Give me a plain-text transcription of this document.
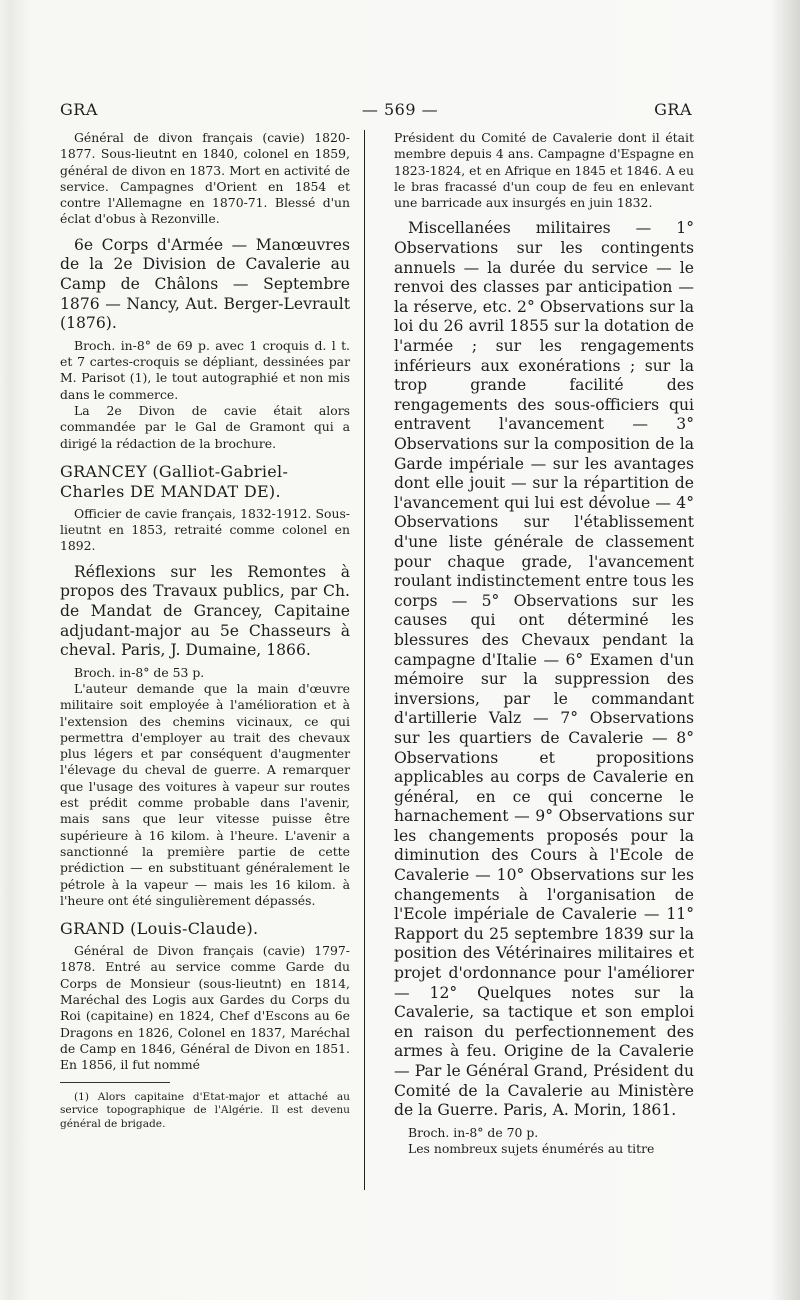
GRA	— 569 —	GRA

Général de divon français (cavie) 1820-1877. Sous-lieutnt en 1840, colonel en 1859, général de divon en 1873. Mort en activité de service. Campagnes d'Orient en 1854 et contre l'Allemagne en 1870-71. Blessé d'un éclat d'obus à Rezonville.

6e Corps d'Armée — Manœuvres de la 2e Division de Cavalerie au Camp de Châlons — Septembre 1876 — Nancy, Aut. Berger-Levrault (1876).

Broch. in-8° de 69 p. avec 1 croquis d. l t. et 7 cartes-croquis se dépliant, dessinées par M. Parisot (1), le tout autographié et non mis dans le commerce.

La 2e Divon de cavie était alors commandée par le Gal de Gramont qui a dirigé la rédaction de la brochure.

GRANCEY (Galliot-Gabriel-Charles DE MANDAT DE).

Officier de cavie français, 1832-1912. Sous-lieutnt en 1853, retraité comme colonel en 1892.

Réflexions sur les Remontes à propos des Travaux publics, par Ch. de Mandat de Grancey, Capitaine adjudant-major au 5e Chasseurs à cheval. Paris, J. Dumaine, 1866.

Broch. in-8° de 53 p.

L'auteur demande que la main d'œuvre militaire soit employée à l'amélioration et à l'extension des chemins vicinaux, ce qui permettra d'employer au trait des chevaux plus légers et par conséquent d'augmenter l'élevage du cheval de guerre. A remarquer que l'usage des voitures à vapeur sur routes est prédit comme probable dans l'avenir, mais sans que leur vitesse puisse être supérieure à 16 kilom. à l'heure. L'avenir a sanctionné la première partie de cette prédiction — en substituant généralement le pétrole à la vapeur — mais les 16 kilom. à l'heure ont été singulièrement dépassés.

GRAND (Louis-Claude).

Général de Divon français (cavie) 1797-1878. Entré au service comme Garde du Corps de Monsieur (sous-lieutnt) en 1814, Maréchal des Logis aux Gardes du Corps du Roi (capitaine) en 1824, Chef d'Escons au 6e Dragons en 1826, Colonel en 1837, Maréchal de Camp en 1846, Général de Divon en 1851. En 1856, il fut nommé

(1) Alors capitaine d'Etat-major et attaché au service topographique de l'Algérie. Il est devenu général de brigade.

Président du Comité de Cavalerie dont il était membre depuis 4 ans. Campagne d'Espagne en 1823-1824, et en Afrique en 1845 et 1846. A eu le bras fracassé d'un coup de feu en enlevant une barricade aux insurgés en juin 1832.

Miscellanées militaires — 1° Observations sur les contingents annuels — la durée du service — le renvoi des classes par anticipation — la réserve, etc. 2° Observations sur la loi du 26 avril 1855 sur la dotation de l'armée ; sur les rengagements inférieurs aux exonérations ; sur la trop grande facilité des rengagements des sous-officiers qui entravent l'avancement — 3° Observations sur la composition de la Garde impériale — sur les avantages dont elle jouit — sur la répartition de l'avancement qui lui est dévolue — 4° Observations sur l'établissement d'une liste générale de classement pour chaque grade, l'avancement roulant indistinctement entre tous les corps — 5° Observations sur les causes qui ont déterminé les blessures des Chevaux pendant la campagne d'Italie — 6° Examen d'un mémoire sur la suppression des inversions, par le commandant d'artillerie Valz — 7° Observations sur les quartiers de Cavalerie — 8° Observations et propositions applicables au corps de Cavalerie en général, en ce qui concerne le harnachement — 9° Observations sur les changements proposés pour la diminution des Cours à l'Ecole de Cavalerie — 10° Observations sur les changements à l'organisation de l'Ecole impériale de Cavalerie — 11° Rapport du 25 septembre 1839 sur la position des Vétérinaires militaires et projet d'ordonnance pour l'améliorer — 12° Quelques notes sur la Cavalerie, sa tactique et son emploi en raison du perfectionnement des armes à feu. Origine de la Cavalerie — Par le Général Grand, Président du Comité de la Cavalerie au Ministère de la Guerre. Paris, A. Morin, 1861.

Broch. in-8° de 70 p.

Les nombreux sujets énumérés au titre
